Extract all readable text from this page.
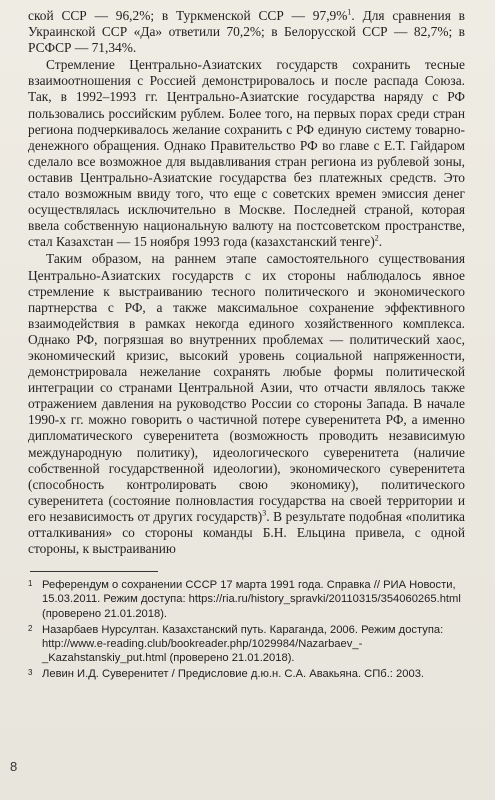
ской ССР — 96,2%; в Туркменской ССР — 97,9%$^1$. Для сравнения в Украинской ССР «Да» ответили 70,2%; в Белорусской ССР — 82,7%; в РСФСР — 71,34%.

Стремление Центрально-Азиатских государств сохранить тесные взаимоотношения с Россией демонстрировалось и после распада Союза. Так, в 1992–1993 гг. Центрально-Азиатские государства наряду с РФ пользовались российским рублем. Более того, на первых порах среди стран региона подчеркивалось желание сохранить с РФ единую систему товарно-денежного обращения. Однако Правительство РФ во главе с Е.Т. Гайдаром сделало все возможное для выдавливания стран региона из рублевой зоны, оставив Центрально-Азиатские государства без платежных средств. Это стало возможным ввиду того, что еще с советских времен эмиссия денег осуществлялась исключительно в Москве. Последней страной, которая ввела собственную национальную валюту на постсоветском пространстве, стал Казахстан — 15 ноября 1993 года (казахстанский тенге)$^2$.

Таким образом, на раннем этапе самостоятельного существования Центрально-Азиатских государств с их стороны наблюдалось явное стремление к выстраиванию тесного политического и экономического партнерства с РФ, а также максимальное сохранение эффективного взаимодействия в рамках некогда единого хозяйственного комплекса. Однако РФ, погрязшая во внутренних проблемах — политический хаос, экономический кризис, высокий уровень социальной напряженности, демонстрировала нежелание сохранять любые формы политической интеграции со странами Центральной Азии, что отчасти являлось также отражением давления на руководство России со стороны Запада. В начале 1990-х гг. можно говорить о частичной потере суверенитета РФ, а именно дипломатического суверенитета (возможность проводить независимую международную политику), идеологического суверенитета (наличие собственной государственной идеологии), экономического суверенитета (способность контролировать свою экономику), политического суверенитета (состояние полновластия государства на своей территории и его независимость от других государств)$^3$. В результате подобная «политика отталкивания» со стороны команды Б.Н. Ельцина привела, с одной стороны, к выстраиванию

1 Референдум о сохранении СССР 17 марта 1991 года. Справка // РИА Новости, 15.03.2011. Режим доступа: https://ria.ru/history_spravki/20110315/354060265.html (проверено 21.01.2018).
2 Назарбаев Нурсултан. Казахстанский путь. Караганда, 2006. Режим доступа: http://www.e-reading.club/bookreader.php/1029984/Nazarbaev_-_Kazahstanskiy_put.html (проверено 21.01.2018).
3 Левин И.Д. Суверенитет / Предисловие д.ю.н. С.А. Авакьяна. СПб.: 2003.
8
